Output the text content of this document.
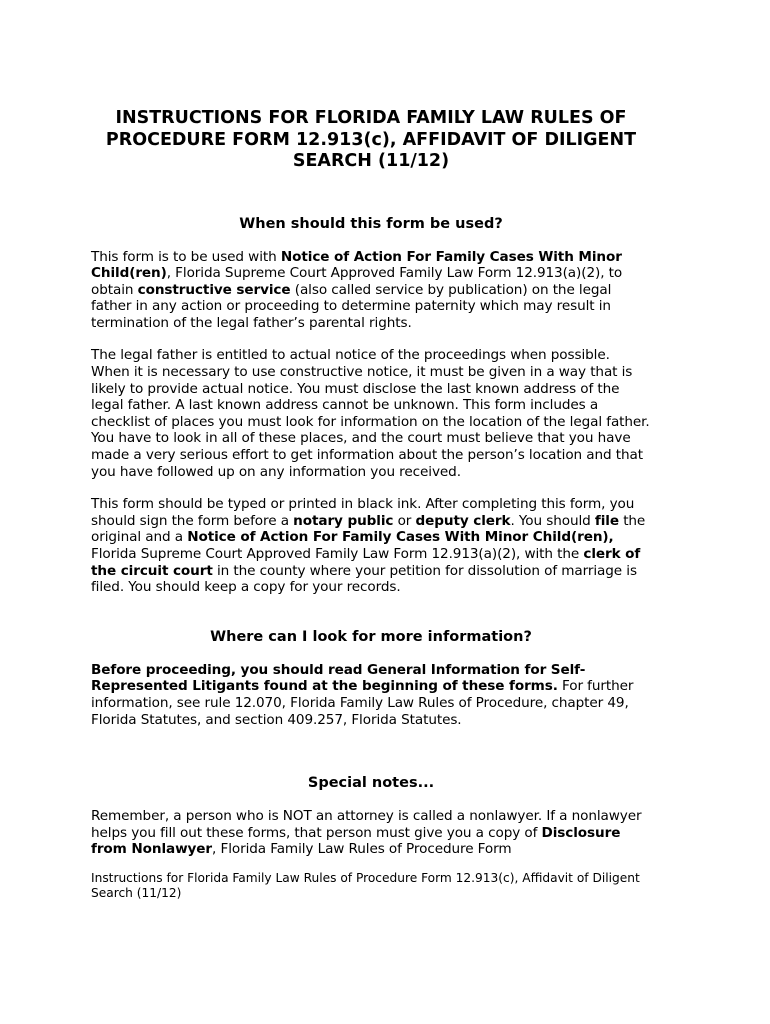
INSTRUCTIONS FOR FLORIDA FAMILY LAW RULES OF PROCEDURE FORM 12.913(c), AFFIDAVIT OF DILIGENT SEARCH (11/12)
When should this form be used?

This form is to be used with Notice of Action For Family Cases With Minor Child(ren), Florida Supreme Court Approved Family Law Form 12.913(a)(2), to obtain constructive service (also called service by publication) on the legal father in any action or proceeding to determine paternity which may result in termination of the legal father’s parental rights.

The legal father is entitled to actual notice of the proceedings when possible. When it is necessary to use constructive notice, it must be given in a way that is likely to provide actual notice. You must disclose the last known address of the legal father. A last known address cannot be unknown. This form includes a checklist of places you must look for information on the location of the legal father. You have to look in all of these places, and the court must believe that you have made a very serious effort to get information about the person’s location and that you have followed up on any information you received.

This form should be typed or printed in black ink. After completing this form, you should sign the form before a notary public or deputy clerk. You should file the original and a Notice of Action For Family Cases With Minor Child(ren), Florida Supreme Court Approved Family Law Form 12.913(a)(2), with the clerk of the circuit court in the county where your petition for dissolution of marriage is filed. You should keep a copy for your records.

Where can I look for more information?

Before proceeding, you should read General Information for Self-Represented Litigants found at the beginning of these forms. For further information, see rule 12.070, Florida Family Law Rules of Procedure, chapter 49, Florida Statutes, and section 409.257, Florida Statutes.

Special notes...

Remember, a person who is NOT an attorney is called a nonlawyer. If a nonlawyer helps you fill out these forms, that person must give you a copy of Disclosure from Nonlawyer, Florida Family Law Rules of Procedure Form

Instructions for Florida Family Law Rules of Procedure Form 12.913(c), Affidavit of Diligent Search (11/12)
